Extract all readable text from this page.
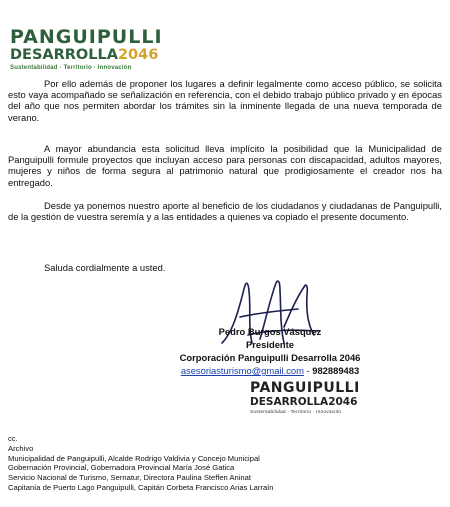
PANGUIPULLI
DESARROLLA2046
Sustentabilidad · Territorio · Innovación

Por ello además de proponer los lugares a definir legalmente como acceso público, se solicita esto vaya acompañado se señalización en referencia, con el debido trabajo público privado y en épocas del año que nos permiten abordar los trámites sin la inminente llegada de una nueva temporada de verano.

A mayor abundancia esta solicitud lleva implícito la posibilidad que la Municipalidad de Panguipulli formule proyectos que incluyan acceso para personas con discapacidad, adultos mayores, mujeres y niños de forma segura al patrimonio natural que prodigiosamente el creador nos ha entregado.

Desde ya ponemos nuestro aporte al beneficio de los ciudadanos y ciudadanas de Panguipulli, de la gestión de vuestra seremía y a las entidades a quienes va copiado el presente documento.

Saluda cordialmente a usted.
Pedro Burgos Vásquez
Presidente
Corporación Panguipulli Desarrolla 2046
asesoriasturismo@gmail.com - 982889483
PANGUIPULLI
DESARROLLA2046
Sustentabilidad · Territorio · Innovación
cc.
Archivo
Municipalidad de Panguipulli, Alcalde Rodrigo Valdivia y Concejo Municipal
Gobernación Provincial, Gobernadora Provincial María José Gatica
Servicio Nacional de Turismo, Sernatur, Directora Paulina Steffen Aninat
Capitanía de Puerto Lago Panguipulli, Capitán Corbeta Francisco Arias Larraín
